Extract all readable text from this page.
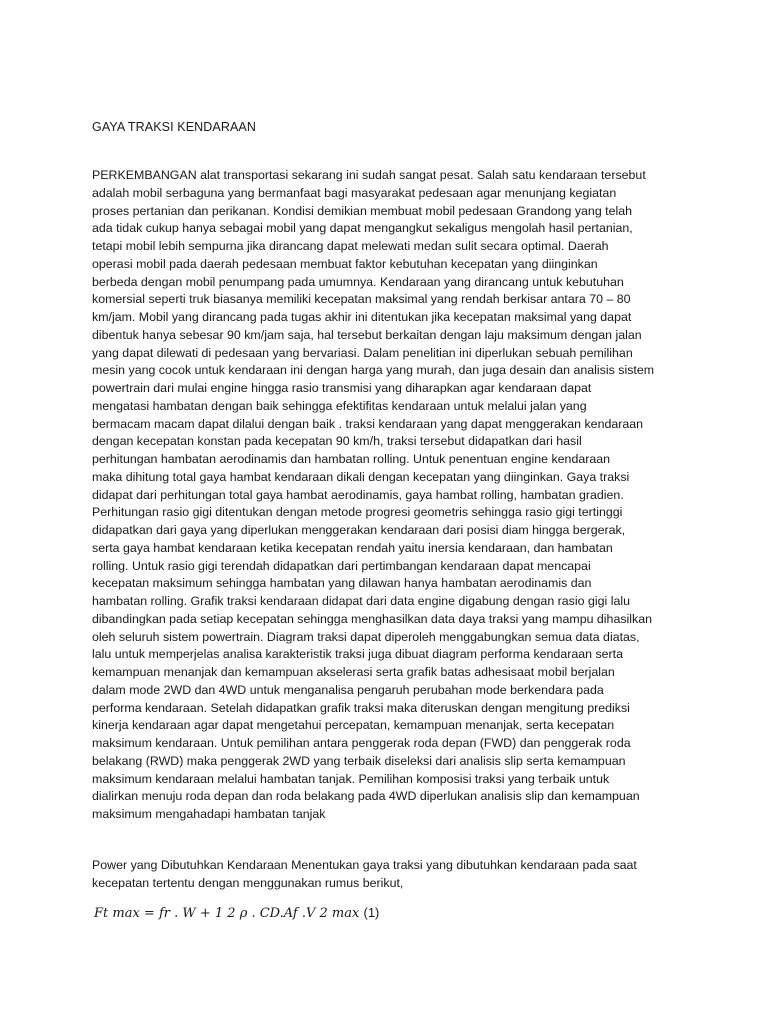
GAYA TRAKSI KENDARAAN
PERKEMBANGAN alat transportasi sekarang ini sudah sangat pesat. Salah satu kendaraan tersebut
adalah mobil serbaguna yang bermanfaat bagi masyarakat pedesaan agar menunjang kegiatan
proses pertanian dan perikanan. Kondisi demikian membuat mobil pedesaan Grandong yang telah
ada tidak cukup hanya sebagai mobil yang dapat mengangkut sekaligus mengolah hasil pertanian,
tetapi mobil lebih sempurna jika dirancang dapat melewati medan sulit secara optimal. Daerah
operasi mobil pada daerah pedesaan membuat faktor kebutuhan kecepatan yang diinginkan
berbeda dengan mobil penumpang pada umumnya. Kendaraan yang dirancang untuk kebutuhan
komersial seperti truk biasanya memiliki kecepatan maksimal yang rendah berkisar antara 70 – 80
km/jam. Mobil yang dirancang pada tugas akhir ini ditentukan jika kecepatan maksimal yang dapat
dibentuk hanya sebesar 90 km/jam saja, hal tersebut berkaitan dengan laju maksimum dengan jalan
yang dapat dilewati di pedesaan yang bervariasi. Dalam penelitian ini diperlukan sebuah pemilihan
mesin yang cocok untuk kendaraan ini dengan harga yang murah, dan juga desain dan analisis sistem
powertrain dari mulai engine hingga rasio transmisi yang diharapkan agar kendaraan dapat
mengatasi hambatan dengan baik sehingga efektifitas kendaraan untuk melalui jalan yang
bermacam macam dapat dilalui dengan baik . traksi kendaraan yang dapat menggerakan kendaraan
dengan kecepatan konstan pada kecepatan 90 km/h, traksi tersebut didapatkan dari hasil
perhitungan hambatan aerodinamis dan hambatan rolling. Untuk penentuan engine kendaraan
maka dihitung total gaya hambat kendaraan dikali dengan kecepatan yang diinginkan. Gaya traksi
didapat dari perhitungan total gaya hambat aerodinamis, gaya hambat rolling, hambatan gradien.
Perhitungan rasio gigi ditentukan dengan metode progresi geometris sehingga rasio gigi tertinggi
didapatkan dari gaya yang diperlukan menggerakan kendaraan dari posisi diam hingga bergerak,
serta gaya hambat kendaraan ketika kecepatan rendah yaitu inersia kendaraan, dan hambatan
rolling. Untuk rasio gigi terendah didapatkan dari pertimbangan kendaraan dapat mencapai
kecepatan maksimum sehingga hambatan yang dilawan hanya hambatan aerodinamis dan
hambatan rolling. Grafik traksi kendaraan didapat dari data engine digabung dengan rasio gigi lalu
dibandingkan pada setiap kecepatan sehingga menghasilkan data daya traksi yang mampu dihasilkan
oleh seluruh sistem powertrain. Diagram traksi dapat diperoleh menggabungkan semua data diatas,
lalu untuk memperjelas analisa karakteristik traksi juga dibuat diagram performa kendaraan serta
kemampuan menanjak dan kemampuan akselerasi serta grafik batas adhesisaat mobil berjalan
dalam mode 2WD dan 4WD untuk menganalisa pengaruh perubahan mode berkendara pada
performa kendaraan. Setelah didapatkan grafik traksi maka diteruskan dengan mengitung prediksi
kinerja kendaraan agar dapat mengetahui percepatan, kemampuan menanjak, serta kecepatan
maksimum kendaraan. Untuk pemilihan antara penggerak roda depan (FWD) dan penggerak roda
belakang (RWD) maka penggerak 2WD yang terbaik diseleksi dari analisis slip serta kemampuan
maksimum kendaraan melalui hambatan tanjak. Pemilihan komposisi traksi yang terbaik untuk
dialirkan menuju roda depan dan roda belakang pada 4WD diperlukan analisis slip dan kemampuan
maksimum mengahadapi hambatan tanjak
Power yang Dibutuhkan Kendaraan Menentukan gaya traksi yang dibutuhkan kendaraan pada saat
kecepatan tertentu dengan menggunakan rumus berikut,
Ft max = fr . W + 1 2 ρ . CD.Af .V 2 max (1)
